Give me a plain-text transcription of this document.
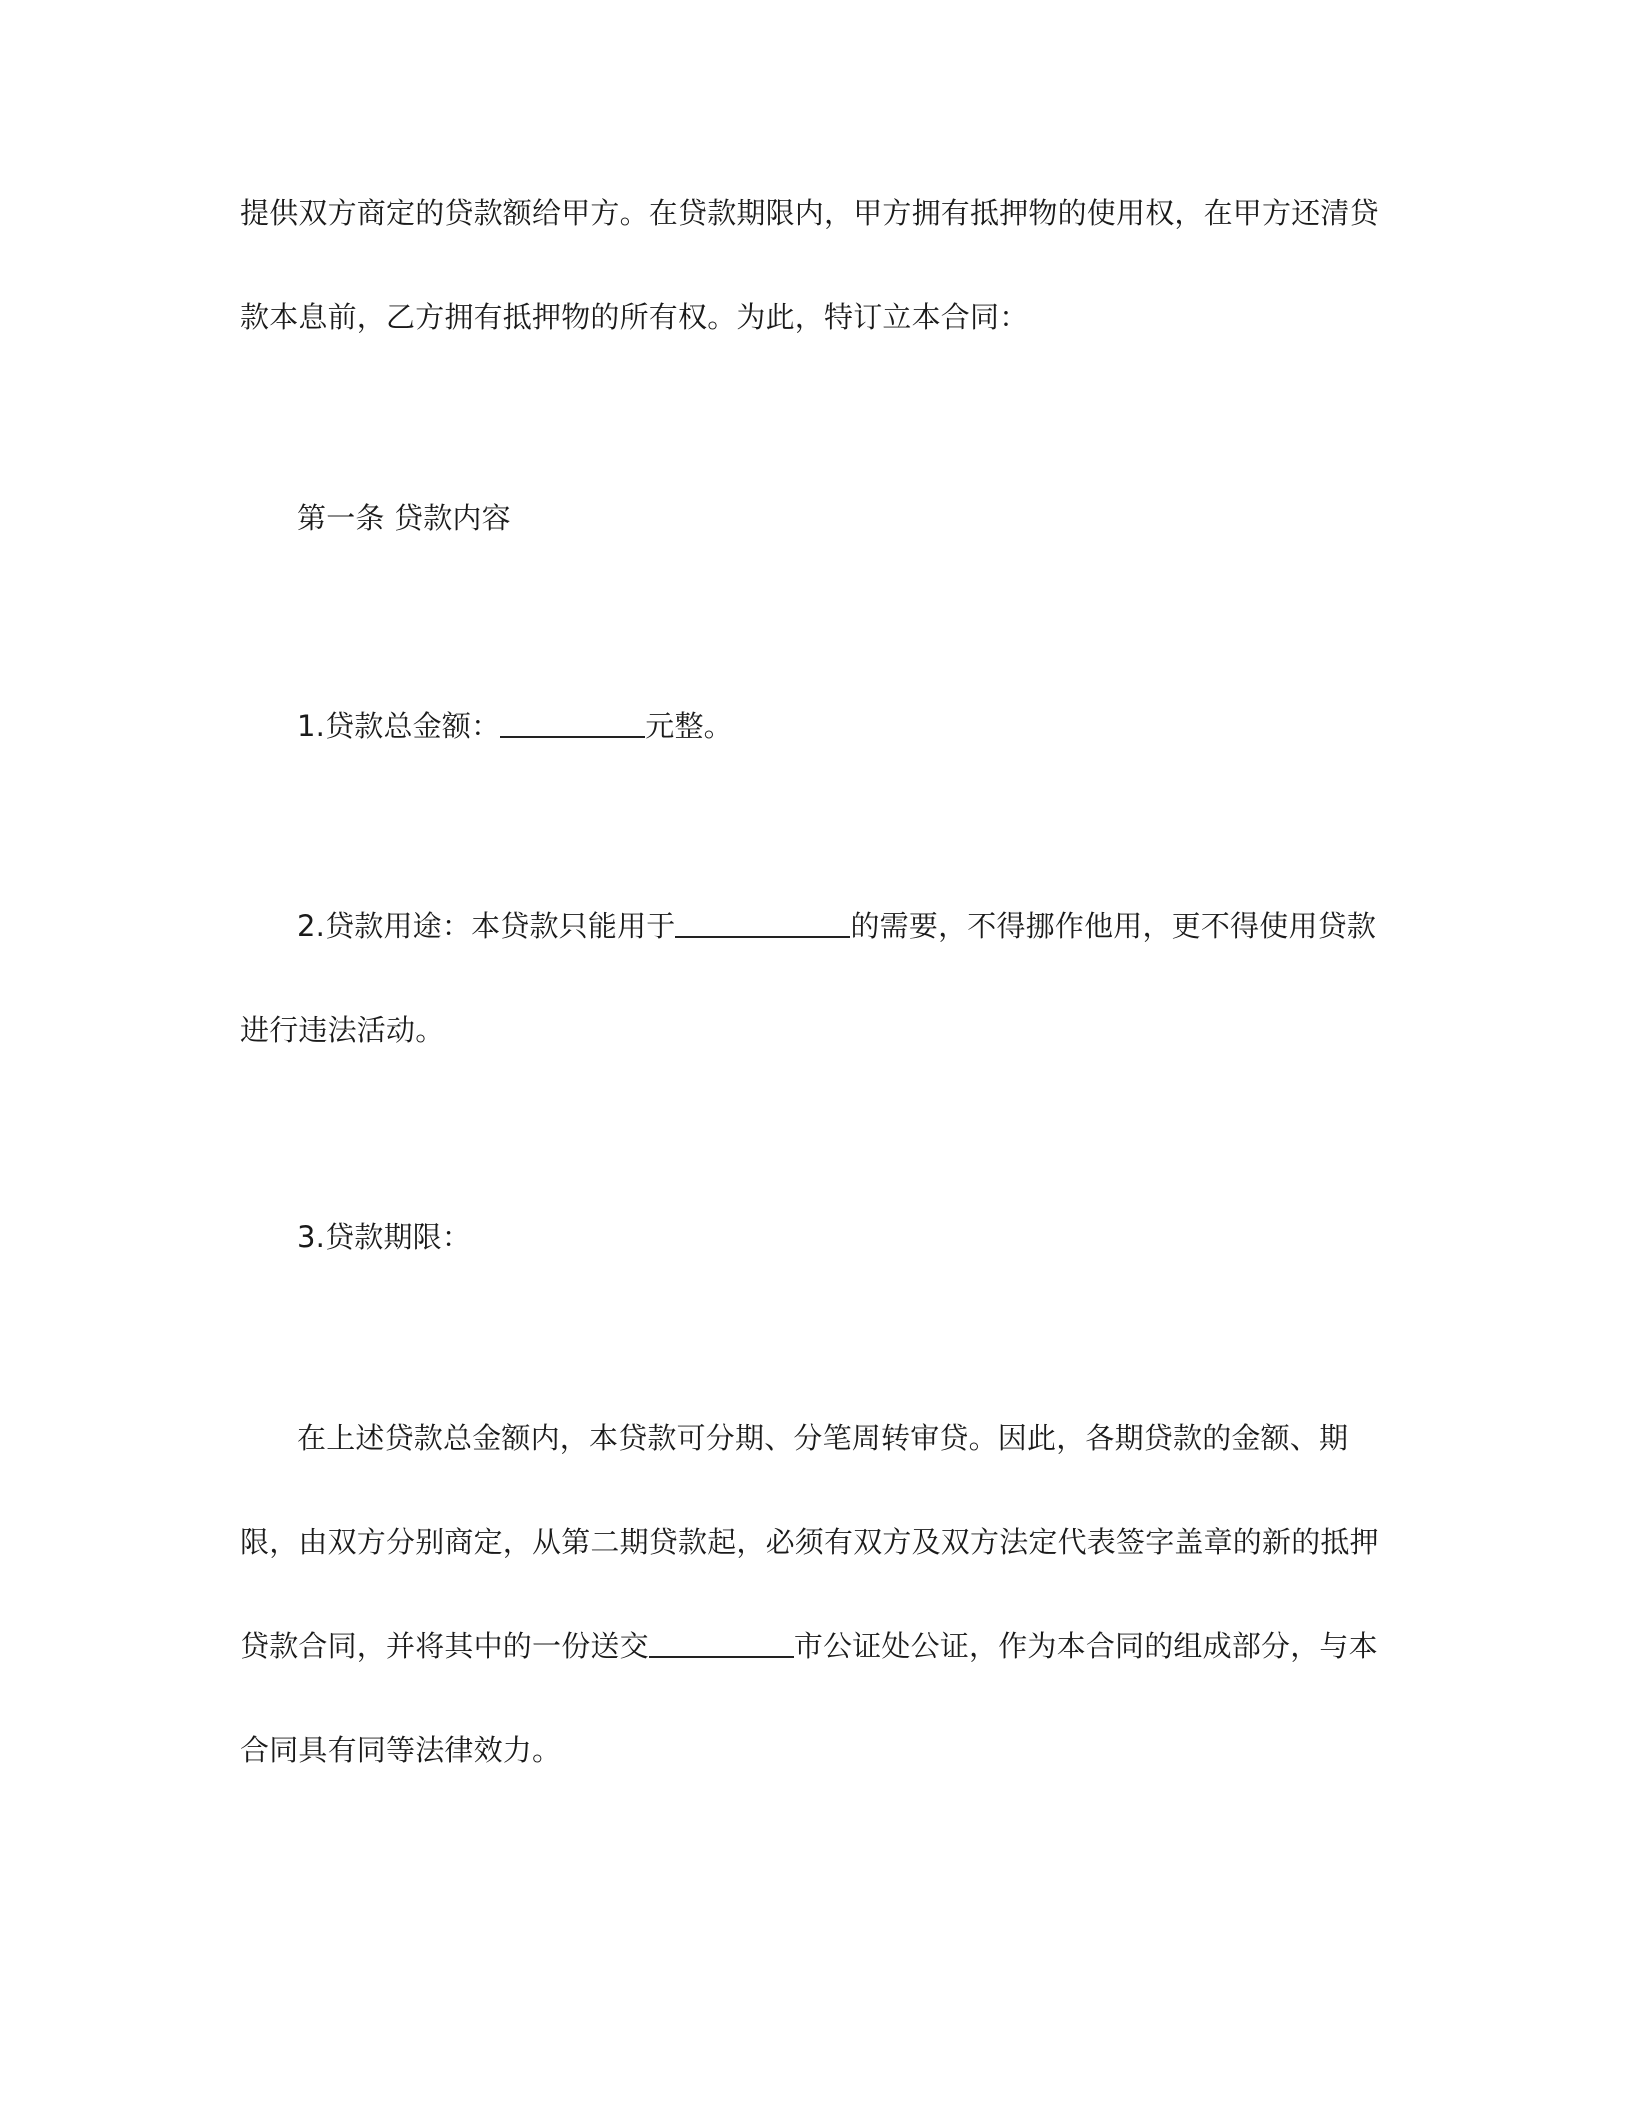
提供双方商定的贷款额给甲方。在贷款期限内，甲方拥有抵押物的使用权，在甲方还清贷
款本息前，乙方拥有抵押物的所有权。为此，特订立本合同：
第一条 贷款内容
1.贷款总金额：	元整。
2.贷款用途：本贷款只能用于	的需要，不得挪作他用，更不得使用贷款
进行违法活动。
3.贷款期限：
在上述贷款总金额内，本贷款可分期、分笔周转审贷。因此，各期贷款的金额、期
限，由双方分别商定，从第二期贷款起，必须有双方及双方法定代表签字盖章的新的抵押
贷款合同，并将其中的一份送交	市公证处公证，作为本合同的组成部分，与本
合同具有同等法律效力。
